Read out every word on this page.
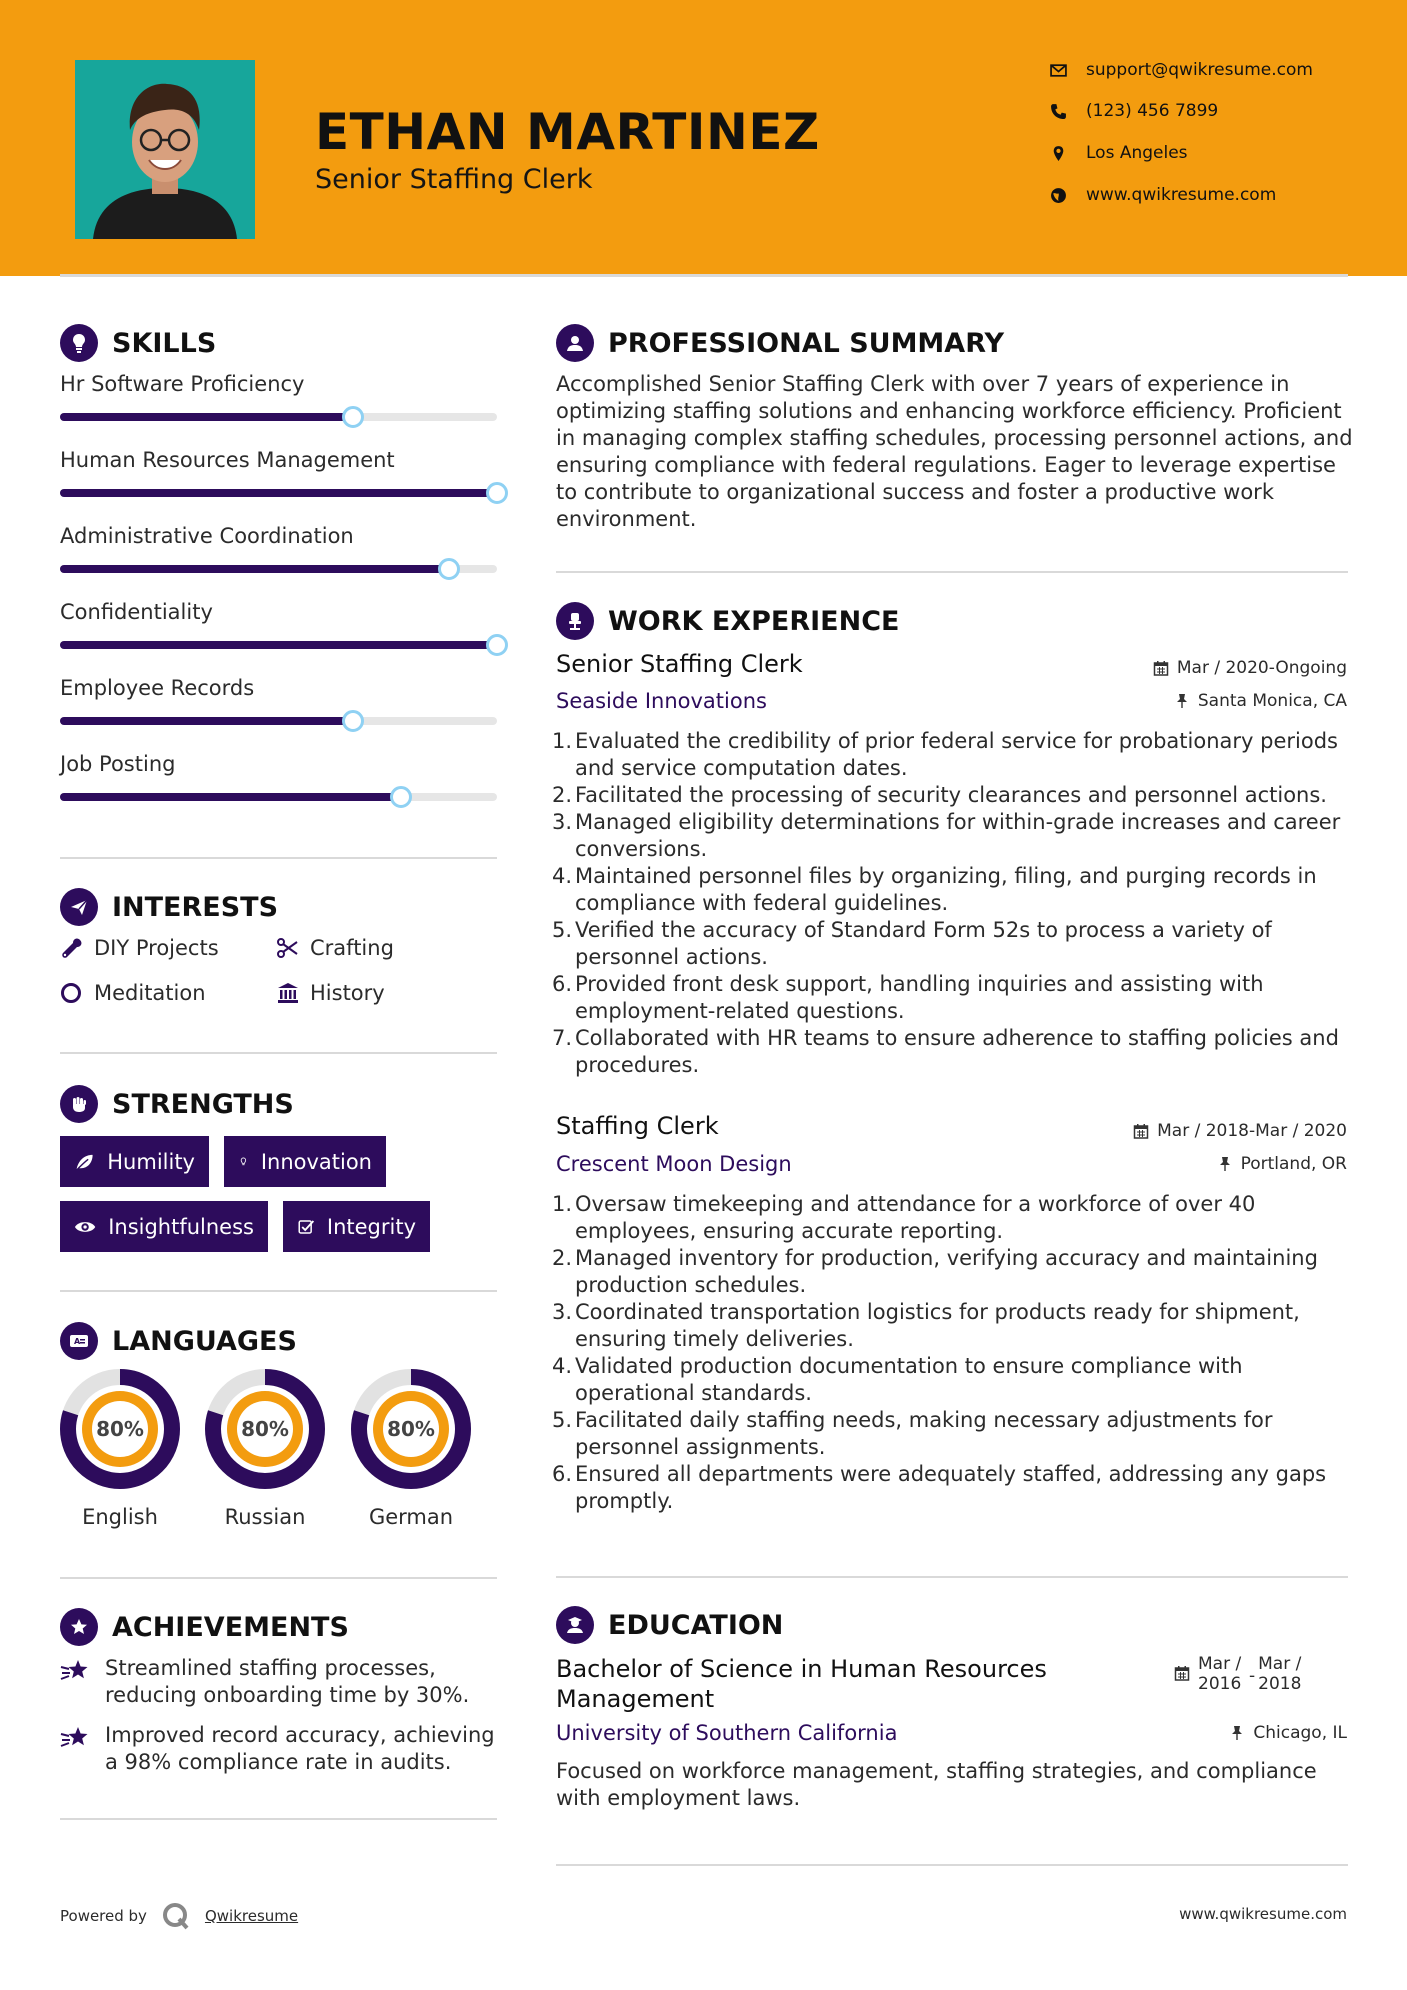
ETHAN MARTINEZ
Senior Staffing Clerk
support@qwikresume.com
(123) 456 7899
Los Angeles
www.qwikresume.com
SKILLS
Hr Software Proficiency
Human Resources Management
Administrative Coordination
Confidentiality
Employee Records
Job Posting
INTERESTS
DIY Projects	Crafting
Meditation	History
STRENGTHS
Humility	Innovation
Insightfulness	Integrity
A LANGUAGES
80%
English
80%
Russian
80%
German
ACHIEVEMENTS

Streamlined staffing processes, reducing onboarding time by 30%.

Improved record accuracy, achieving a 98% compliance rate in audits.

PROFESSIONAL SUMMARY
Accomplished Senior Staffing Clerk with over 7 years of experience in optimizing staffing solutions and enhancing workforce efficiency. Proficient in managing complex staffing schedules, processing personnel actions, and ensuring compliance with federal regulations. Eager to leverage expertise to contribute to organizational success and foster a productive work environment.
WORK EXPERIENCE
Senior Staffing Clerk	Mar / 2020-Ongoing
Seaside Innovations	Santa Monica, CA
1. Evaluated the credibility of prior federal service for probationary periods and service computation dates.
2. Facilitated the processing of security clearances and personnel actions.
3. Managed eligibility determinations for within-grade increases and career conversions.
4. Maintained personnel files by organizing, filing, and purging records in compliance with federal guidelines.
5. Verified the accuracy of Standard Form 52s to process a variety of personnel actions.
6. Provided front desk support, handling inquiries and assisting with employment-related questions.
7. Collaborated with HR teams to ensure adherence to staffing policies and procedures.
Staffing Clerk	Mar / 2018-Mar / 2020
Crescent Moon Design	Portland, OR
1. Oversaw timekeeping and attendance for a workforce of over 40 employees, ensuring accurate reporting.
2. Managed inventory for production, verifying accuracy and maintaining production schedules.
3. Coordinated transportation logistics for products ready for shipment, ensuring timely deliveries.
4. Validated production documentation to ensure compliance with operational standards.
5. Facilitated daily staffing needs, making necessary adjustments for personnel assignments.
6. Ensured all departments were adequately staffed, addressing any gaps promptly.
EDUCATION
Bachelor of Science in Human Resources Management
Mar / 2016 -
Mar / 2018
University of Southern California	Chicago, IL
Focused on workforce management, staffing strategies, and compliance with employment laws.
Powered by	Qwikresume	www.qwikresume.com
